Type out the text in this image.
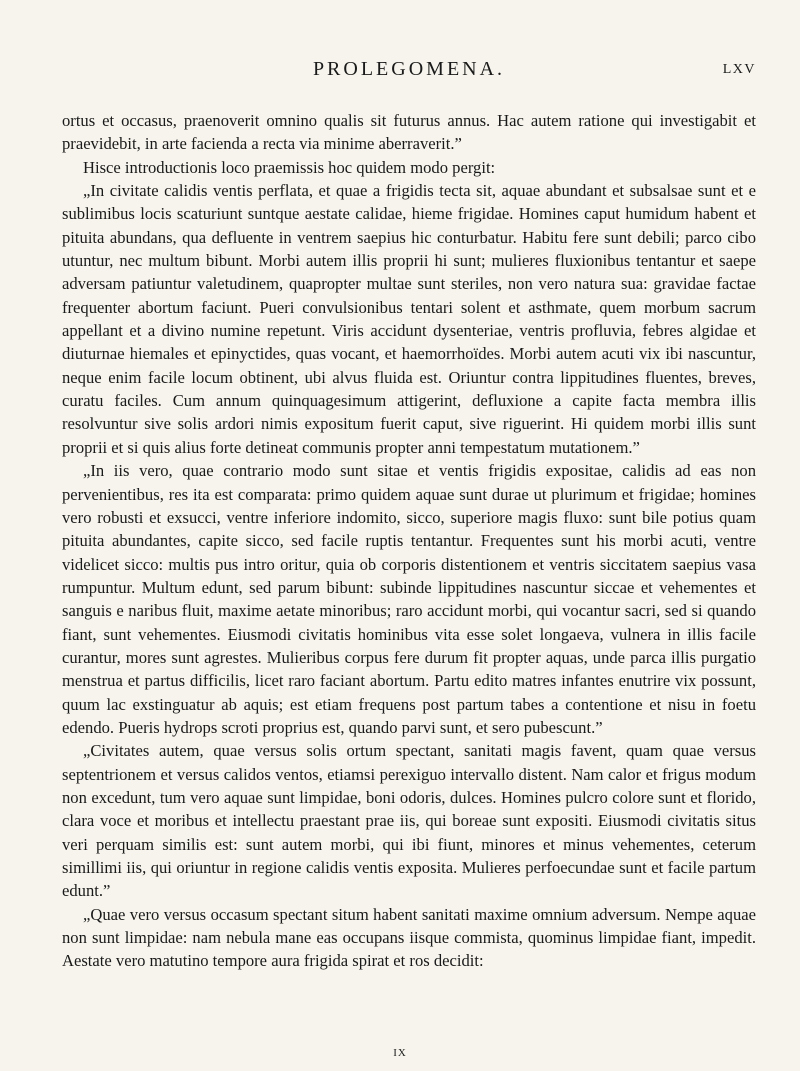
PROLEGOMENA.	LXV

ortus et occasus, praenoverit omnino qualis sit futurus annus. Hac autem ratione qui investigabit et praevidebit, in arte facienda a recta via minime aberraverit.”

Hisce introductionis loco praemissis hoc quidem modo pergit:

„In civitate calidis ventis perflata, et quae a frigidis tecta sit, aquae abundant et subsalsae sunt et e sublimibus locis scaturiunt suntque aestate calidae, hieme frigidae. Homines caput humidum habent et pituita abundans, qua defluente in ventrem saepius hic conturbatur. Habitu fere sunt debili; parco cibo utuntur, nec multum bibunt. Morbi autem illis proprii hi sunt; mulieres fluxionibus tentantur et saepe adversam patiuntur valetudinem, quapropter multae sunt steriles, non vero natura sua: gravidae factae frequenter abortum faciunt. Pueri convulsionibus tentari solent et asthmate, quem morbum sacrum appellant et a divino numine repetunt. Viris accidunt dysenteriae, ventris profluvia, febres algidae et diuturnae hiemales et epinyctides, quas vocant, et haemorrhoïdes. Morbi autem acuti vix ibi nascuntur, neque enim facile locum obtinent, ubi alvus fluida est. Oriuntur contra lippitudines fluentes, breves, curatu faciles. Cum annum quinquagesimum attigerint, defluxione a capite facta membra illis resolvuntur sive solis ardori nimis expositum fuerit caput, sive riguerint. Hi quidem morbi illis sunt proprii et si quis alius forte detineat communis propter anni tempestatum mutationem.”

„In iis vero, quae contrario modo sunt sitae et ventis frigidis expositae, calidis ad eas non pervenientibus, res ita est comparata: primo quidem aquae sunt durae ut plurimum et frigidae; homines vero robusti et exsucci, ventre inferiore indomito, sicco, superiore magis fluxo: sunt bile potius quam pituita abundantes, capite sicco, sed facile ruptis tentantur. Frequentes sunt his morbi acuti, ventre videlicet sicco: multis pus intro oritur, quia ob corporis distentionem et ventris siccitatem saepius vasa rumpuntur. Multum edunt, sed parum bibunt: subinde lippitudines nascuntur siccae et vehementes et sanguis e naribus fluit, maxime aetate minoribus; raro accidunt morbi, qui vocantur sacri, sed si quando fiant, sunt vehementes. Eiusmodi civitatis hominibus vita esse solet longaeva, vulnera in illis facile curantur, mores sunt agrestes. Mulieribus corpus fere durum fit propter aquas, unde parca illis purgatio menstrua et partus difficilis, licet raro faciant abortum. Partu edito matres infantes enutrire vix possunt, quum lac exstinguatur ab aquis; est etiam frequens post partum tabes a contentione et nisu in foetu edendo. Pueris hydrops scroti proprius est, quando parvi sunt, et sero pubescunt.”

„Civitates autem, quae versus solis ortum spectant, sanitati magis favent, quam quae versus septentrionem et versus calidos ventos, etiamsi perexiguo intervallo distent. Nam calor et frigus modum non excedunt, tum vero aquae sunt limpidae, boni odoris, dulces. Homines pulcro colore sunt et florido, clara voce et moribus et intellectu praestant prae iis, qui boreae sunt expositi. Eiusmodi civitatis situs veri perquam similis est: sunt autem morbi, qui ibi fiunt, minores et minus vehementes, ceterum simillimi iis, qui oriuntur in regione calidis ventis exposita. Mulieres perfoecundae sunt et facile partum edunt.”

„Quae vero versus occasum spectant situm habent sanitati maxime omnium adversum. Nempe aquae non sunt limpidae: nam nebula mane eas occupans iisque commista, quominus limpidae fiant, impedit. Aestate vero matutino tempore aura frigida spirat et ros decidit:

IX
